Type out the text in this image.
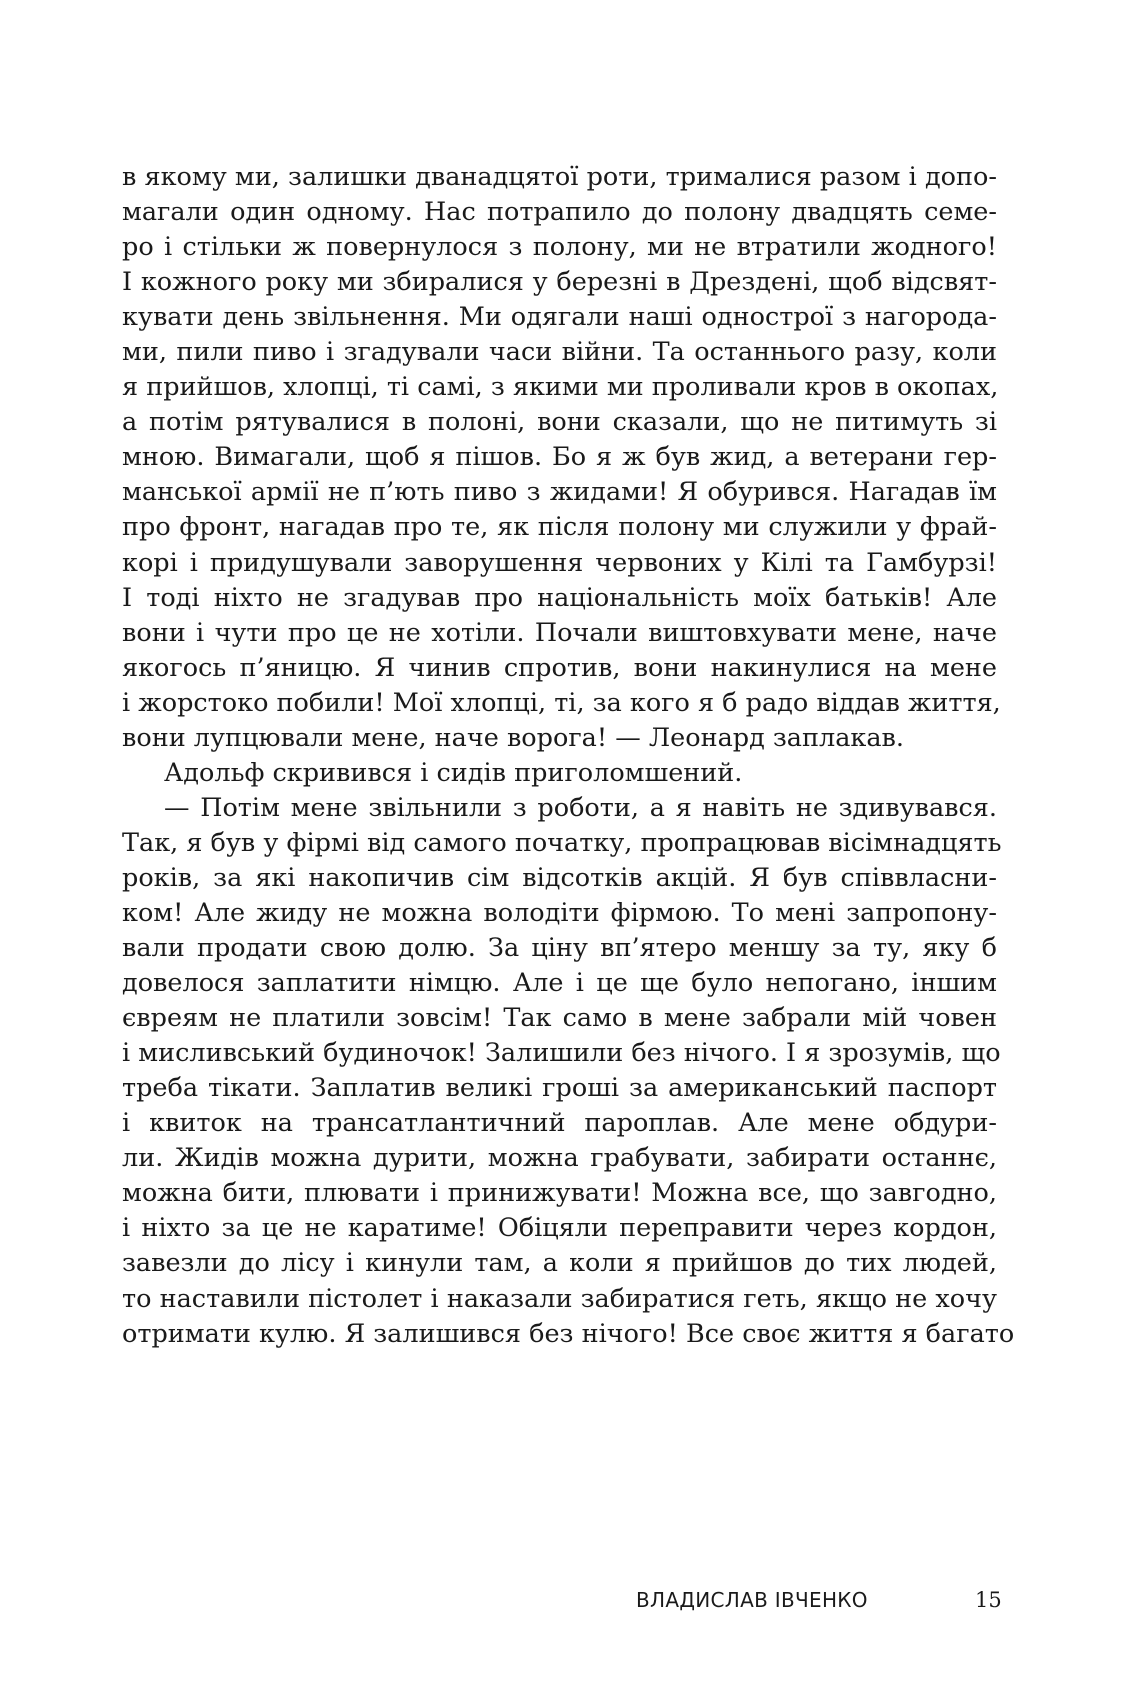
в якому ми, залишки дванадцятої роти, трималися разом і допо-
магали один одному. Нас потрапило до полону двадцять семе-
ро і стільки ж повернулося з полону, ми не втратили жодного!
І кожного року ми збиралися у березні в Дрездені, щоб відсвят-
кувати день звільнення. Ми одягали наші однострої з нагорода-
ми, пили пиво і згадували часи війни. Та останнього разу, коли
я прийшов, хлопці, ті самі, з якими ми проливали кров в окопах,
а потім рятувалися в полоні, вони сказали, що не питимуть зі
мною. Вимагали, щоб я пішов. Бо я ж був жид, а ветерани гер-
манської армії не п’ють пиво з жидами! Я обурився. Нагадав їм
про фронт, нагадав про те, як після полону ми служили у фрай-
корі і придушували заворушення червоних у Кілі та Гамбурзі!
І тоді ніхто не згадував про національність моїх батьків! Але
вони і чути про це не хотіли. Почали виштовхувати мене, наче
якогось п’яницю. Я чинив спротив, вони накинулися на мене
і жорстоко побили! Мої хлопці, ті, за кого я б радо віддав життя,
вони лупцювали мене, наче ворога! — Леонард заплакав.
Адольф скривився і сидів приголомшений.
— Потім мене звільнили з роботи, а я навіть не здивувався.
Так, я був у фірмі від самого початку, пропрацював вісімнадцять
років, за які накопичив сім відсотків акцій. Я був співвласни-
ком! Але жиду не можна володіти фірмою. То мені запропону-
вали продати свою долю. За ціну вп’ятеро меншу за ту, яку б
довелося заплатити німцю. Але і це ще було непогано, іншим
євреям не платили зовсім! Так само в мене забрали мій човен
і мисливський будиночок! Залишили без нічого. І я зрозумів, що
треба тікати. Заплатив великі гроші за американський паспорт
і квиток на трансатлантичний пароплав. Але мене обдури-
ли. Жидів можна дурити, можна грабувати, забирати останнє,
можна бити, плювати і принижувати! Можна все, що завгодно,
і ніхто за це не каратиме! Обіцяли переправити через кордон,
завезли до лісу і кинули там, а коли я прийшов до тих людей,
то наставили пістолет і наказали забиратися геть, якщо не хочу
отримати кулю. Я залишився без нічого! Все своє життя я багато
ВЛАДИСЛАВ ІВЧЕНКО	15
